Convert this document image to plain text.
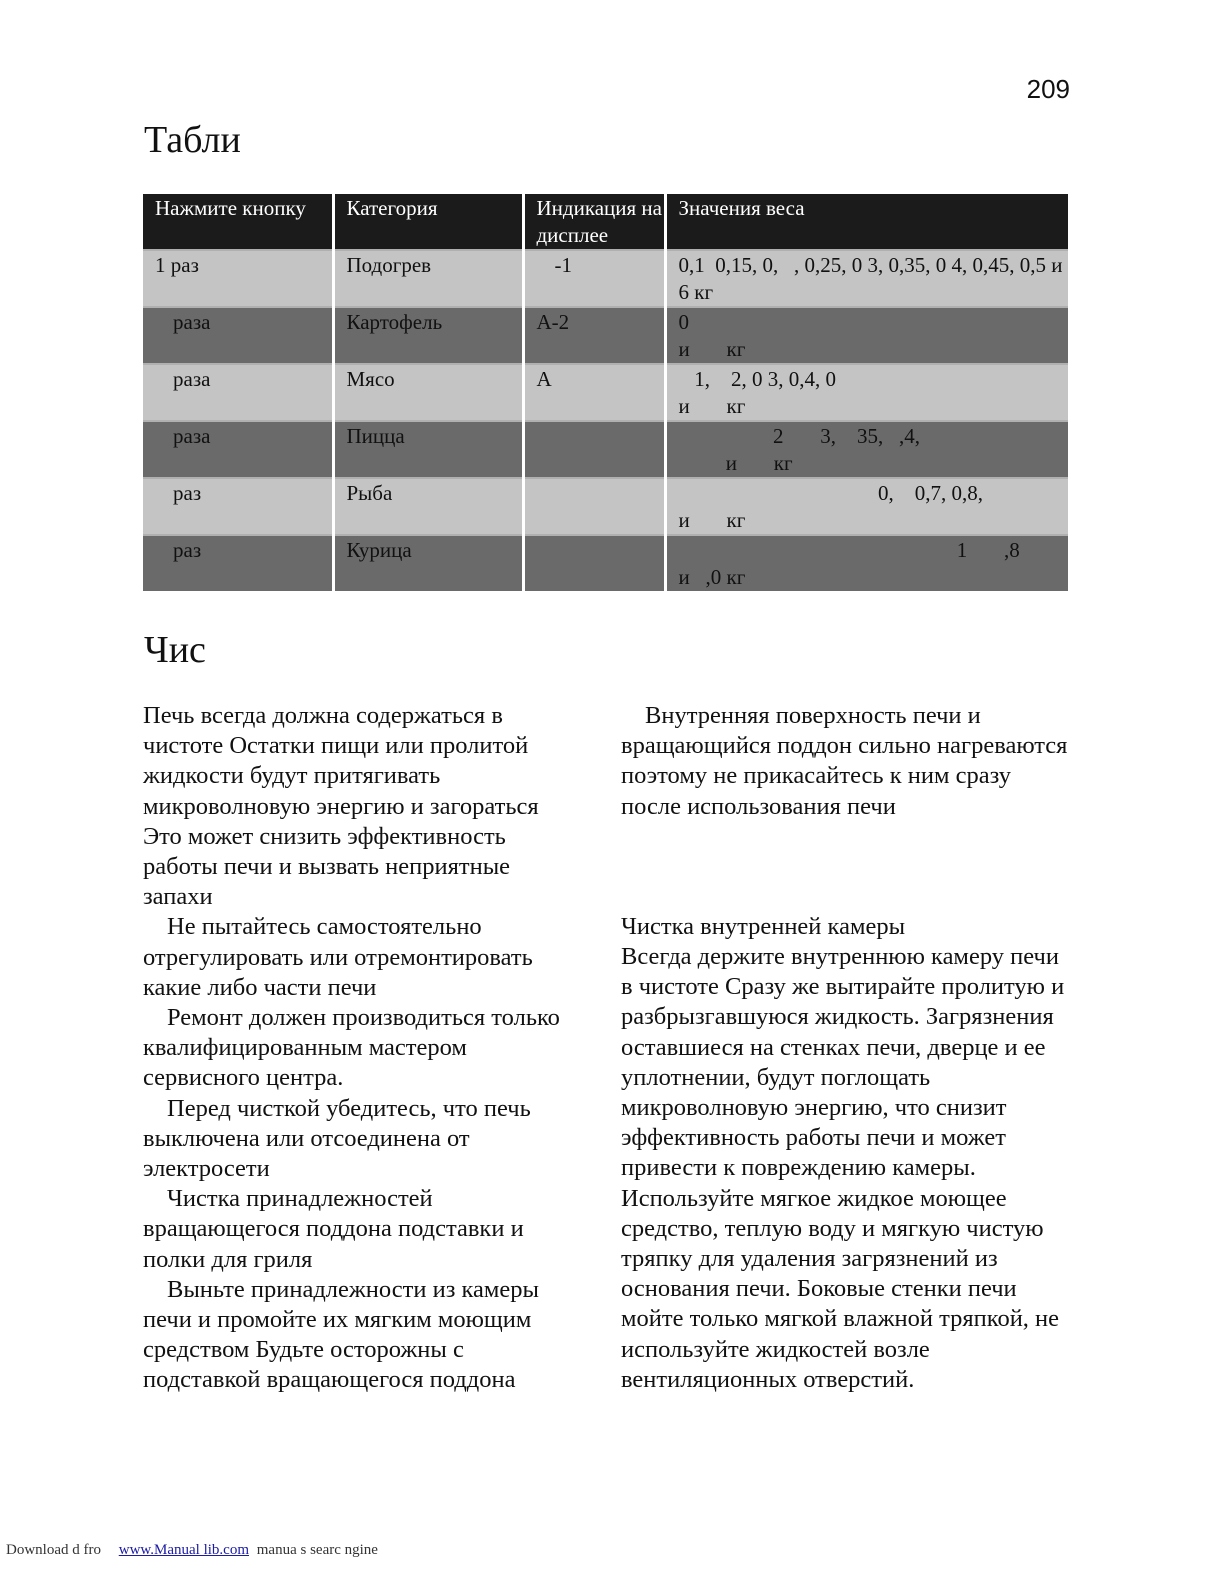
209
Табли
Нажмите кнопку	Категория	Индикация на дисплее	Значения веса
1 раз	Подогрев	-1	0,1  0,15, 0,   , 0,25, 0 3, 0,35, 0 4, 0,45, 0,5 и    6 кг
раза	Картофель	А-2	0
и       кг
раза	Мясо	А	1,    2, 0 3, 0,4, 0
и       кг
раза	Пицца		2       3,    35,   ,4,
и       кг
раз	Рыба		0,    0,7, 0,8,
и       кг
раз	Курица		1       ,8
и   ,0 кг
Чис

Печь всегда должна содержаться в чистоте Остатки пищи или пролитой жидкости будут притягивать микроволновую энергию и загораться Это может снизить эффективность работы печи и вызвать неприятные запахи

Не пытайтесь самостоятельно отрегулировать или отремонтировать какие либо части печи

Ремонт должен производиться только квалифицированным мастером сервисного центра.

Перед чисткой убедитесь, что печь выключена или отсоединена от электросети

Чистка принадлежностей вращающегося поддона подставки и полки для гриля

Выньте принадлежности из камеры печи и промойте их мягким моющим средством Будьте осторожны с подставкой вращающегося поддона

Внутренняя поверхность печи и вращающийся поддон сильно нагреваются поэтому не прикасайтесь к ним сразу после использования печи

Чистка внутренней камеры

Всегда держите внутреннюю камеру печи в чистоте Сразу же вытирайте пролитую и разбрызгавшуюся жидкость. Загрязнения оставшиеся на стенках печи, дверце и ее уплотнении, будут поглощать микроволновую энергию, что снизит эффективность работы печи и может привести к повреждению камеры. Используйте мягкое жидкое моющее средство, теплую воду и мягкую чистую тряпку для удаления загрязнений из основания печи. Боковые стенки печи мойте только мягкой влажной тряпкой, не используйте жидкостей возле вентиляционных отверстий.

Download d fro www.Manual lib.com manua s searc ngine
